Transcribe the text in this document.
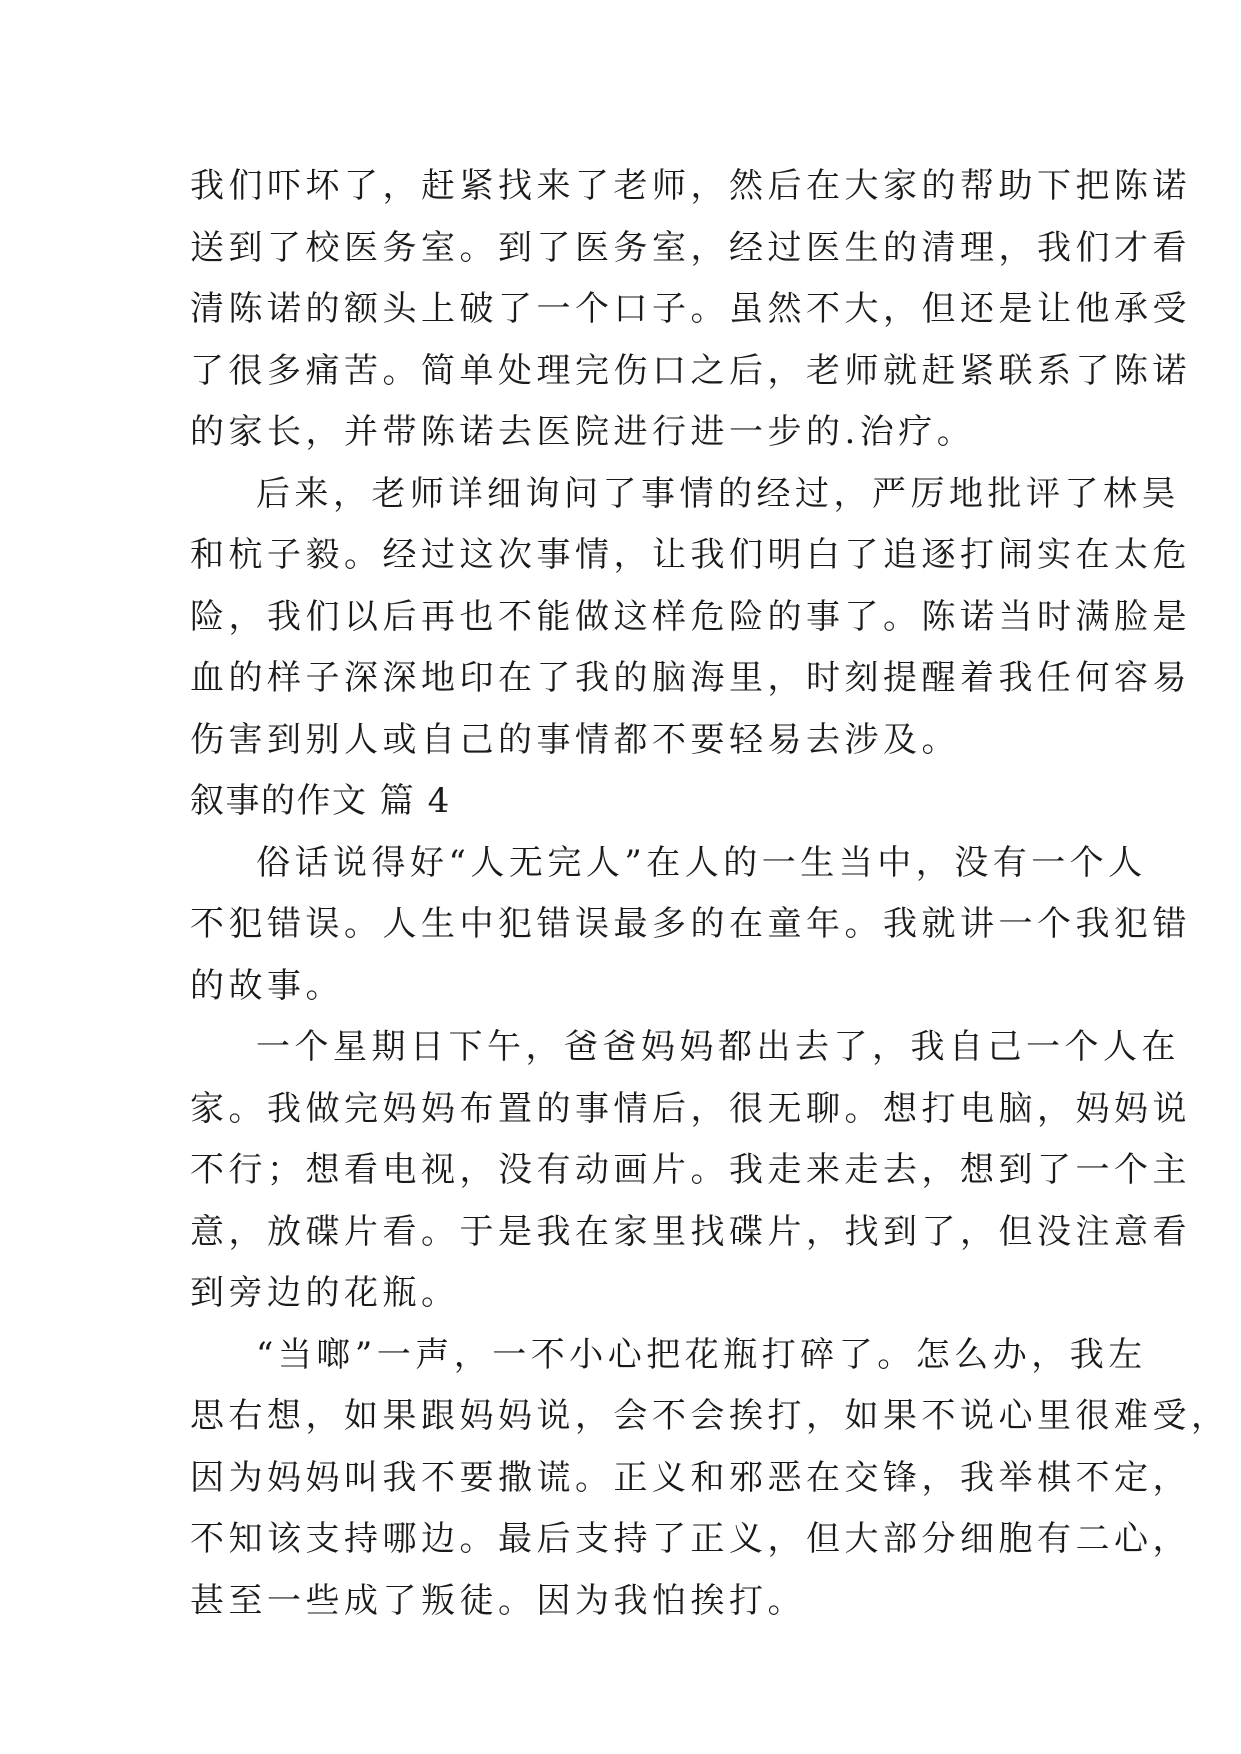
我们吓坏了，赶紧找来了老师，然后在大家的帮助下把陈诺
送到了校医务室。到了医务室，经过医生的清理，我们才看
清陈诺的额头上破了一个口子。虽然不大，但还是让他承受
了很多痛苦。简单处理完伤口之后，老师就赶紧联系了陈诺
的家长，并带陈诺去医院进行进一步的.治疗。
后来，老师详细询问了事情的经过，严厉地批评了林昊
和杭子毅。经过这次事情，让我们明白了追逐打闹实在太危
险，我们以后再也不能做这样危险的事了。陈诺当时满脸是
血的样子深深地印在了我的脑海里，时刻提醒着我任何容易
伤害到别人或自己的事情都不要轻易去涉及。
叙事的作文 篇 4
俗话说得好“人无完人”在人的一生当中，没有一个人
不犯错误。人生中犯错误最多的在童年。我就讲一个我犯错
的故事。
一个星期日下午，爸爸妈妈都出去了，我自己一个人在
家。我做完妈妈布置的事情后，很无聊。想打电脑，妈妈说
不行；想看电视，没有动画片。我走来走去，想到了一个主
意，放碟片看。于是我在家里找碟片，找到了，但没注意看
到旁边的花瓶。
“当啷”一声，一不小心把花瓶打碎了。怎么办，我左
思右想，如果跟妈妈说，会不会挨打，如果不说心里很难受，
因为妈妈叫我不要撒谎。正义和邪恶在交锋，我举棋不定，
不知该支持哪边。最后支持了正义，但大部分细胞有二心，
甚至一些成了叛徒。因为我怕挨打。
